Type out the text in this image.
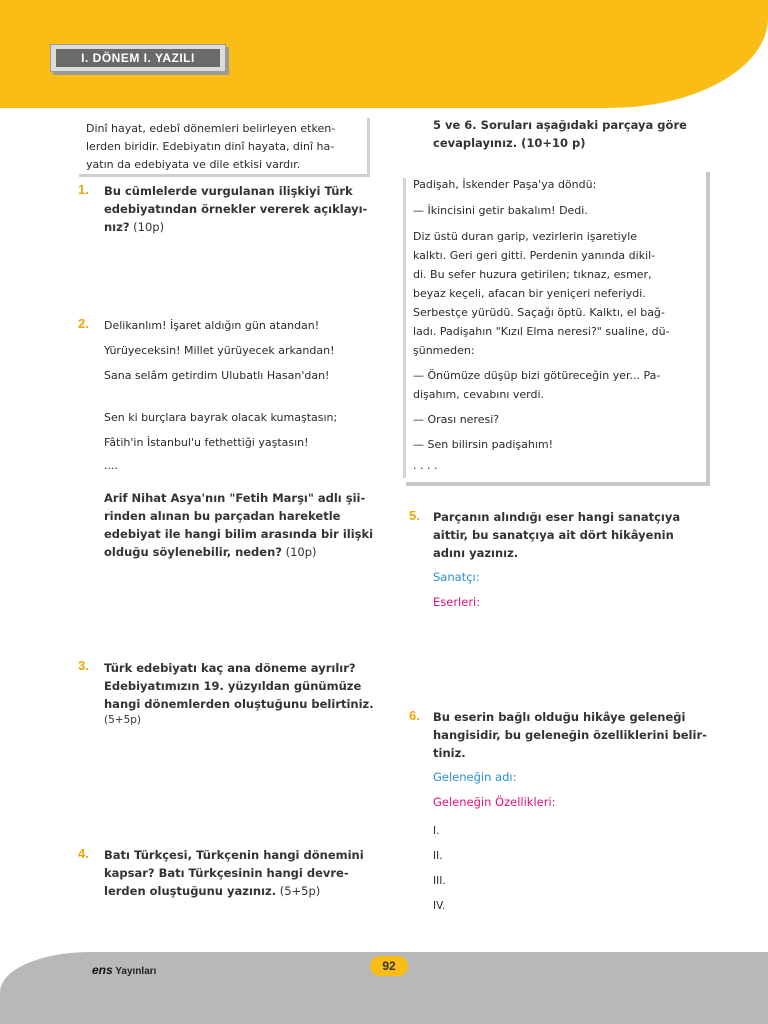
I. DÖNEM I. YAZILI
Dinî hayat, edebî dönemleri belirleyen etken-
lerden biridir. Edebiyatın dinî hayata, dinî ha-
yatın da edebiyata ve dile etkisi vardır.
1. Bu cümlelerde vurgulanan ilişkiyi Türk
edebiyatından örnekler vererek açıklayı-
nız? (10p)
2. Delikanlım! İşaret aldığın gün atandan!
Yürüyeceksin! Millet yürüyecek arkandan!
Sana selâm getirdim Ulubatlı Hasan'dan!
Sen ki burçlara bayrak olacak kumaştasın;
Fâtih'in İstanbul'u fethettiği yaştasın!
....
Arif Nihat Asya'nın "Fetih Marşı" adlı şii-
rinden alınan bu parçadan hareketle
edebiyat ile hangi bilim arasında bir ilişki
olduğu söylenebilir, neden? (10p)
3. Türk edebiyatı kaç ana döneme ayrılır?
Edebiyatımızın 19. yüzyıldan günümüze
hangi dönemlerden oluştuğunu belirtiniz.
(5+5p)
4. Batı Türkçesi, Türkçenin hangi dönemini
kapsar? Batı Türkçesinin hangi devre-
lerden oluştuğunu yazınız. (5+5p)
5 ve 6. Soruları aşağıdaki parçaya göre
cevaplayınız. (10+10 p)
Padişah, İskender Paşa'ya döndü:
— İkincisini getir bakalım! Dedi.
Diz üstü duran garip, vezirlerin işaretiyle
kalktı. Geri geri gitti. Perdenin yanında dikil-
di. Bu sefer huzura getirilen; tıknaz, esmer,
beyaz keçeli, afacan bir yeniçeri neferiydi.
Serbestçe yürüdü. Saçağı öptü. Kalktı, el bağ-
ladı. Padişahın "Kızıl Elma neresi?" sualine, dü-
şünmeden:
— Önümüze düşüp bizi götüreceğin yer... Pa-
dişahım, cevabını verdi.
— Orası neresi?
— Sen bilirsin padişahım!
. . . .
5. Parçanın alındığı eser hangi sanatçıya
aittir, bu sanatçıya ait dört hikâyenin
adını yazınız.
Sanatçı:
Eserleri:
6. Bu eserin bağlı olduğu hikâye geleneği
hangisidir, bu geleneğin özelliklerini belir-
tiniz.
Geleneğin adı:
Geleneğin Özellikleri:
I.
II.
III.
IV.
ens Yayınları	92
